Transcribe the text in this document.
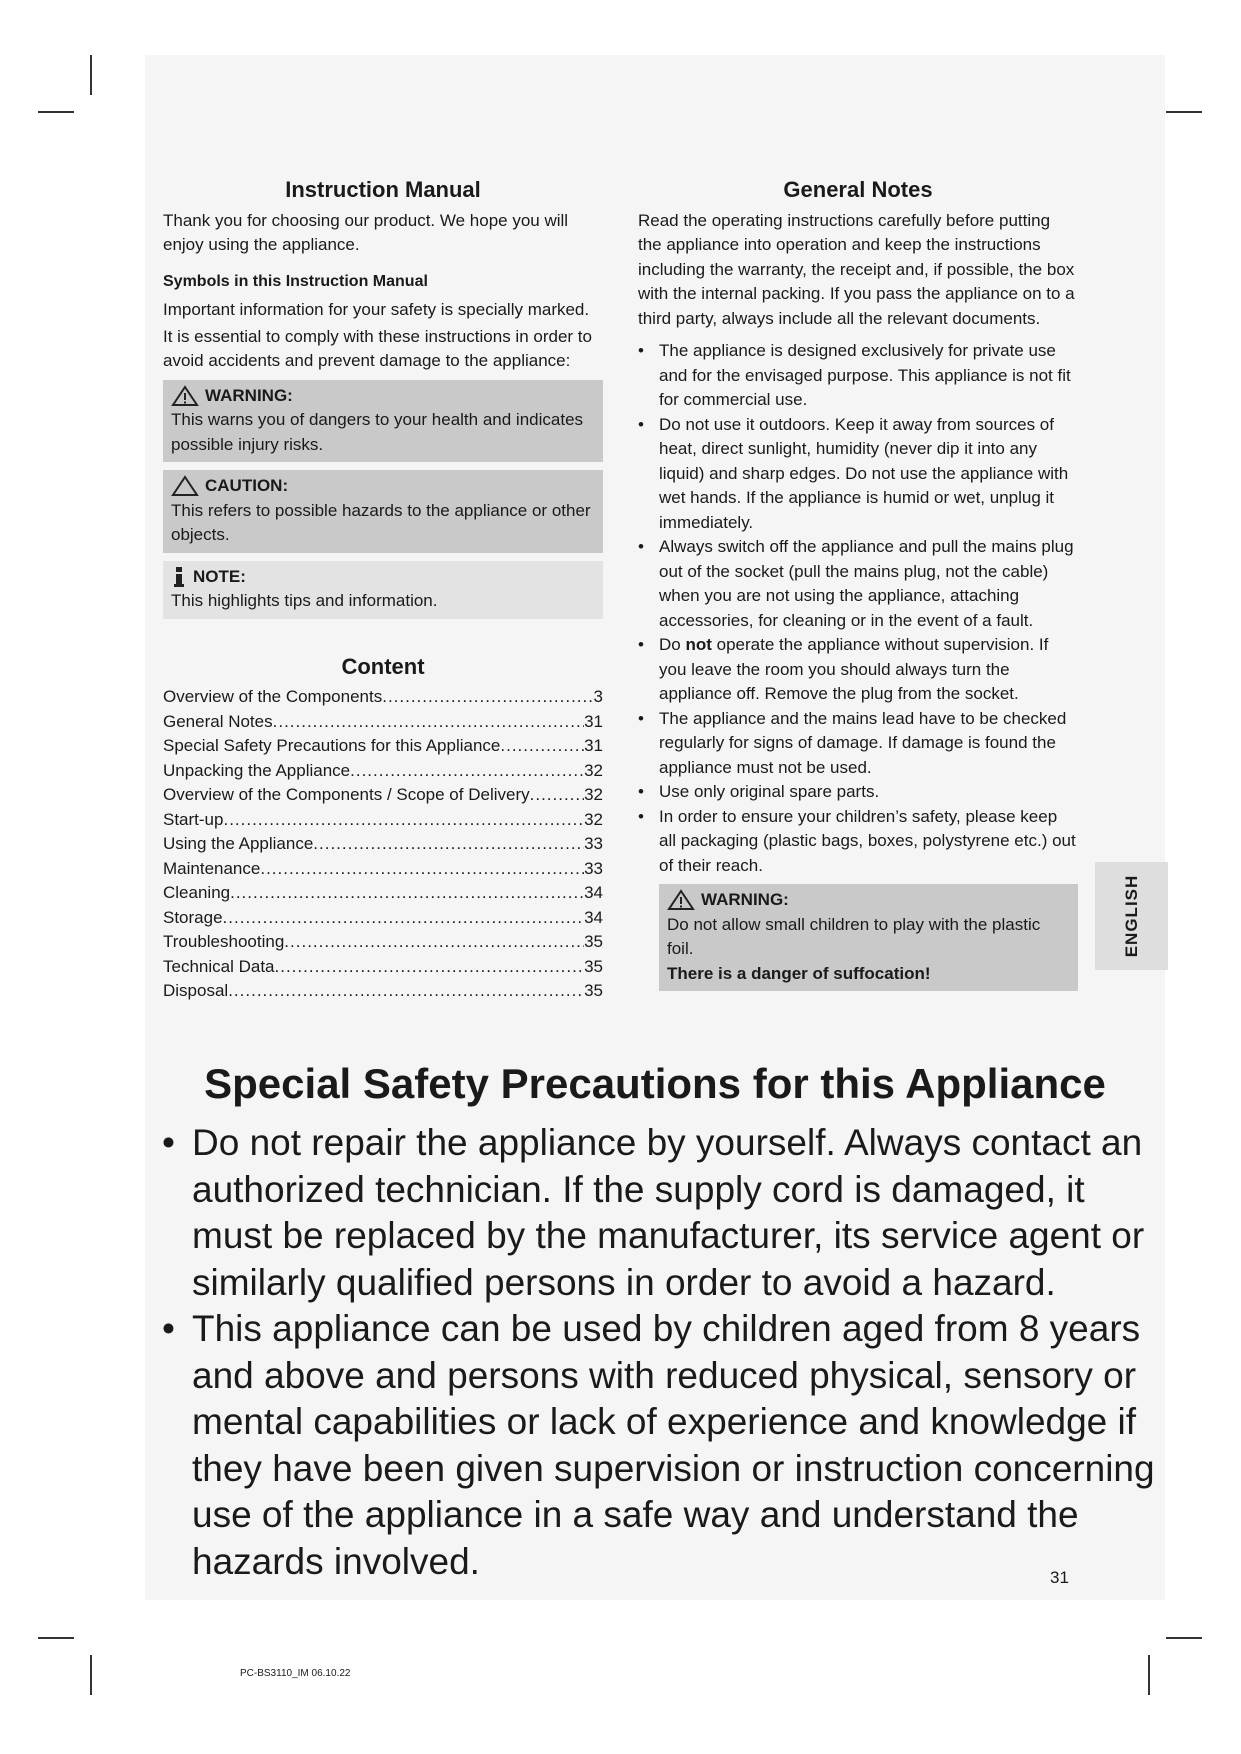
ENGLISH
Instruction Manual

Thank you for choosing our product. We hope you will enjoy using the appliance.

Symbols in this Instruction Manual

Important information for your safety is specially marked.

It is essential to comply with these instructions in order to avoid accidents and prevent damage to the appliance:

WARNING:

This warns you of dangers to your health and indicates possible injury risks.

CAUTION:

This refers to possible hazards to the appliance or other objects.

NOTE:

This highlights tips and information.

Content
Overview of the Components .....	3
General Notes .....	31
Special Safety Precautions for this Appliance .....	31
Unpacking the Appliance .....	32
Overview of the Components / Scope of Delivery .....	32
Start-up .....	32
Using the Appliance .....	33
Maintenance .....	33
Cleaning .....	34
Storage .....	34
Troubleshooting .....	35
Technical Data .....	35
Disposal .....	35
General Notes

Read the operating instructions carefully before putting the appliance into operation and keep the instructions including the warranty, the receipt and, if possible, the box with the internal packing. If you pass the appliance on to a third party, always include all the relevant documents.

• The appliance is designed exclusively for private use and for the envisaged purpose. This appliance is not fit for commercial use.
• Do not use it outdoors. Keep it away from sources of heat, direct sunlight, humidity (never dip it into any liquid) and sharp edges. Do not use the appliance with wet hands. If the appliance is humid or wet, unplug it immediately.
• Always switch off the appliance and pull the mains plug out of the socket (pull the mains plug, not the cable) when you are not using the appliance, attaching accessories, for cleaning or in the event of a fault.
• Do not operate the appliance without supervision. If you leave the room you should always turn the appliance off. Remove the plug from the socket.
• The appliance and the mains lead have to be checked regularly for signs of damage. If damage is found the appliance must not be used.
• Use only original spare parts.
• In order to ensure your children’s safety, please keep all packaging (plastic bags, boxes, polystyrene etc.) out of their reach.
WARNING:

Do not allow small children to play with the plastic foil.

There is a danger of suffocation!

Special Safety Precautions for this Appliance
• Do not repair the appliance by yourself. Always contact an authorized technician. If the supply cord is damaged, it must be replaced by the manufacturer, its service agent or similarly qualified persons in order to avoid a hazard.
• This appliance can be used by children aged from 8 years and above and persons with reduced physical, sensory or mental capabilities or lack of experience and knowledge if they have been given supervision or instruction concerning use of the appliance in a safe way and understand the hazards involved.	31
PC-BS3110_IM 06.10.22
